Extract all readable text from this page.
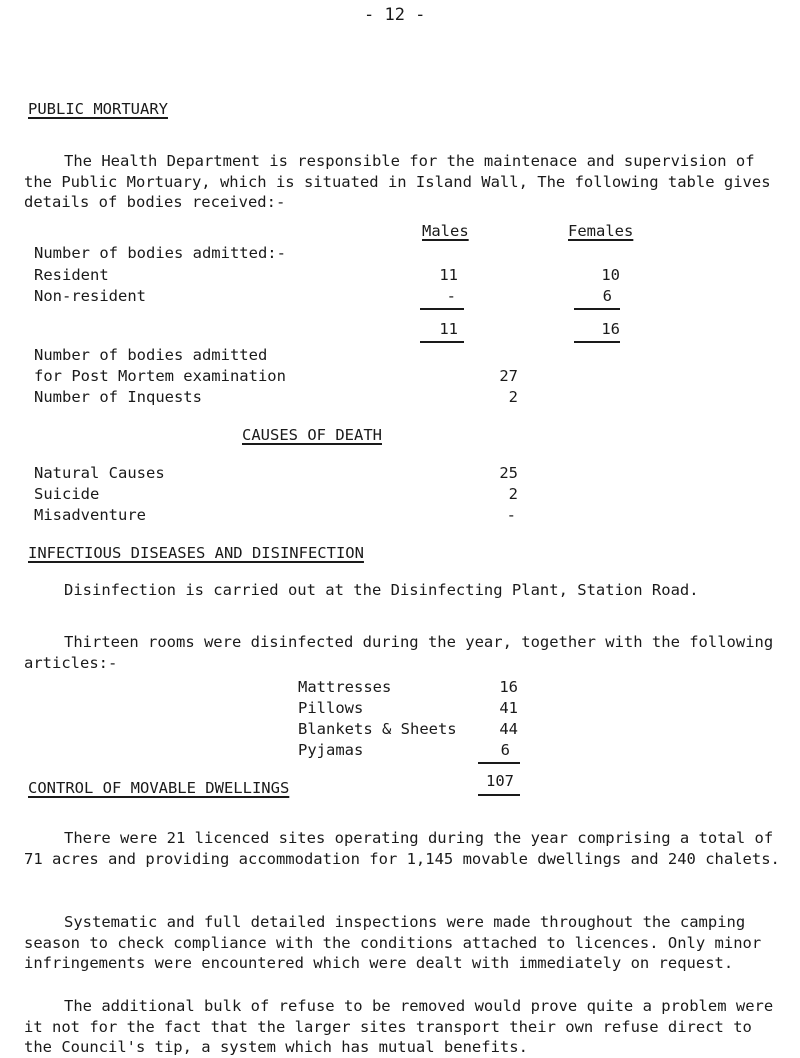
- 12 -
PUBLIC MORTUARY
The Health Department is responsible for the maintenace and supervision of the Public Mortuary, which is situated in Island Wall, The following table gives details of bodies received:-
Males	Females
Number of bodies admitted:-
Resident	11	10
Non-resident	-	6
11	16
Number of bodies admitted
for Post Mortem examination	27
Number of Inquests	2
CAUSES OF DEATH
Natural Causes	25
Suicide	2
Misadventure	-
INFECTIOUS DISEASES AND DISINFECTION
Disinfection is carried out at the Disinfecting Plant, Station Road.
Thirteen rooms were disinfected during the year, together with the following articles:-
Mattresses	16
Pillows	41
Blankets & Sheets	44
Pyjamas	6
107
CONTROL OF MOVABLE DWELLINGS
There were 21 licenced sites operating during the year comprising a total of 71 acres and providing accommodation for 1,145 movable dwellings and 240 chalets.
Systematic and full detailed inspections were made throughout the camping season to check compliance with the conditions attached to licences. Only minor infringements were encountered which were dealt with immediately on request.
The additional bulk of refuse to be removed would prove quite a problem were it not for the fact that the larger sites transport their own refuse direct to the Council's tip, a system which has mutual benefits.
